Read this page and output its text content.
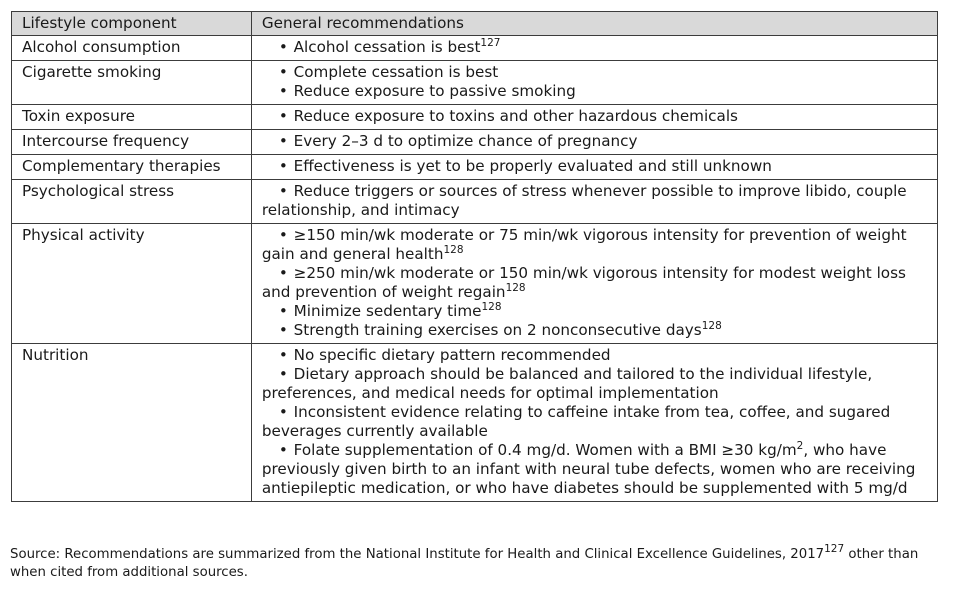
Lifestyle component	General recommendations
Alcohol consumption	• Alcohol cessation is best$^{127}$

Cigarette smoking	• Complete cessation is best
• Reduce exposure to passive smoking

Toxin exposure	• Reduce exposure to toxins and other hazardous chemicals

Intercourse frequency	• Every 2–3 d to optimize chance of pregnancy

Complementary therapies	• Effectiveness is yet to be properly evaluated and still unknown

Psychological stress	• Reduce triggers or sources of stress whenever possible to improve libido, couple relationship, and intimacy

Physical activity	• ≥150 min/wk moderate or 75 min/wk vigorous intensity for prevention of weight gain and general health$^{128}$
• ≥250 min/wk moderate or 150 min/wk vigorous intensity for modest weight loss and prevention of weight regain$^{128}$
• Minimize sedentary time$^{128}$
• Strength training exercises on 2 nonconsecutive days$^{128}$

Nutrition	• No specific dietary pattern recommended
• Dietary approach should be balanced and tailored to the individual lifestyle, preferences, and medical needs for optimal implementation
• Inconsistent evidence relating to caffeine intake from tea, coffee, and sugared beverages currently available
• Folate supplementation of 0.4 mg/d. Women with a BMI ≥30 $kg/m^2$, who have previously given birth to an infant with neural tube defects, women who are receiving antiepileptic medication, or who have diabetes should be supplemented with 5 mg/d
Source: Recommendations are summarized from the National Institute for Health and Clinical Excellence Guidelines, 2017$^{127}$ other than when cited from additional sources.
